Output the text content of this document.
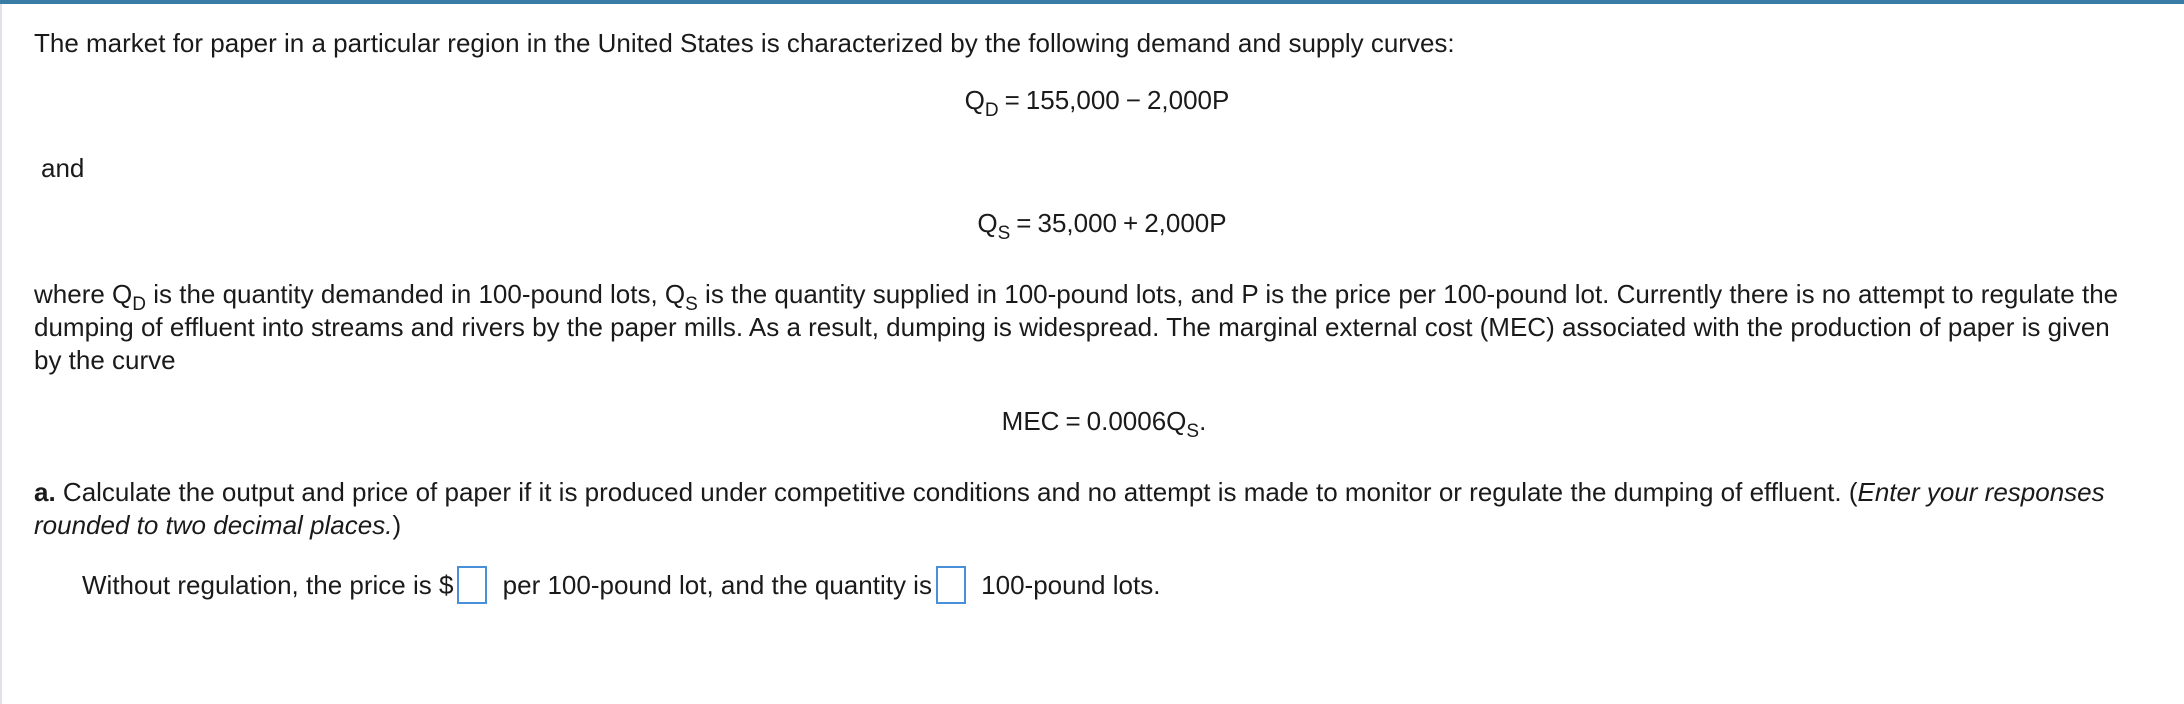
The market for paper in a particular region in the United States is characterized by the following demand and supply curves:
$Q_D = 155,000 - 2,000P$
and
$Q_S = 35,000 + 2,000P$
where $Q_D$ is the quantity demanded in 100-pound lots, $Q_S$ is the quantity supplied in 100-pound lots, and P is the price per 100-pound lot. Currently there is no attempt to regulate the dumping of effluent into streams and rivers by the paper mills. As a result, dumping is widespread. The marginal external cost (MEC) associated with the production of paper is given by the curve
MEC = $0.0006Q_S$.
a. Calculate the output and price of paper if it is produced under competitive conditions and no attempt is made to monitor or regulate the dumping of effluent. (Enter your responses rounded to two decimal places.)
Without regulation, the price is $ per 100-pound lot, and the quantity is 100-pound lots.
